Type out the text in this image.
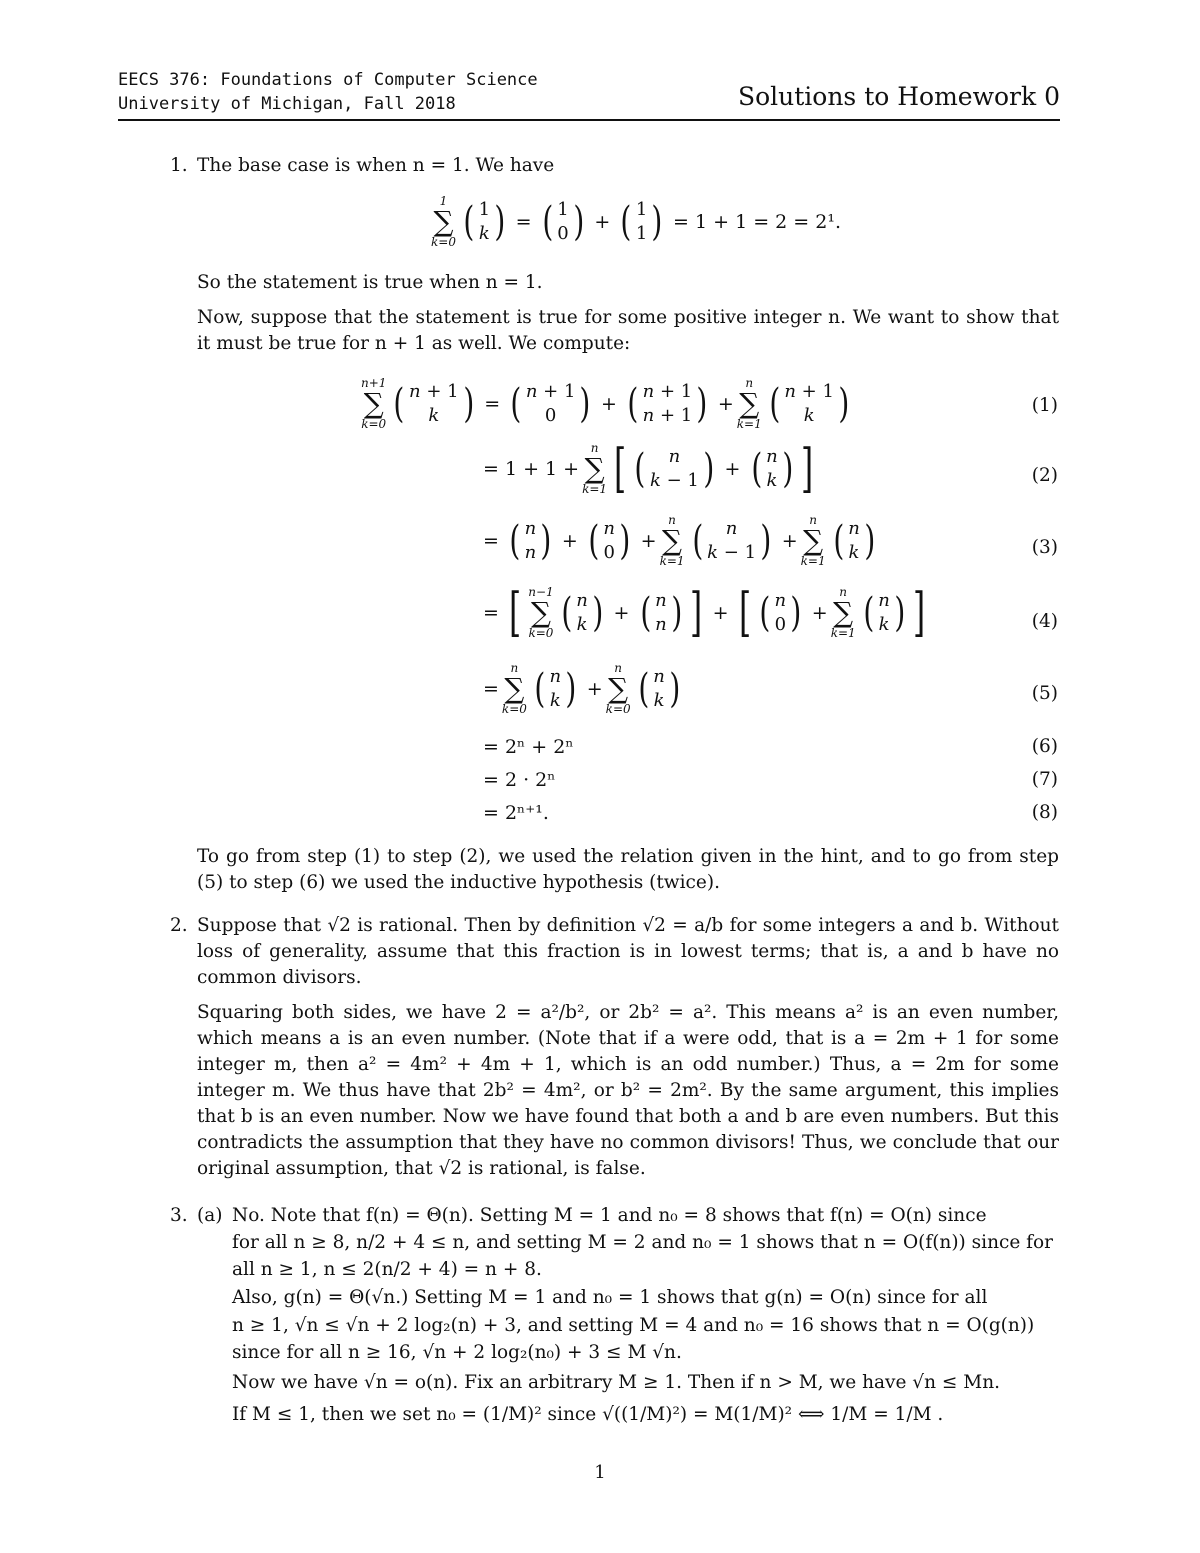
EECS 376: Foundations of Computer Science
University of Michigan, Fall 2018	Solutions to Homework 0
1. The base case is when n = 1. We have
1
∑
k=0 ( 1
k ) = ( 1
0 ) + ( 1
1 )
= 1 + 1 = 2 = 2¹.
So the statement is true when n = 1.
Now, suppose that the statement is true for some positive integer n. We want to show that it must be true for n + 1 as well. We compute:
n+1
∑
k=0 ( n + 1
k ) = ( n + 1
0 ) + ( n + 1
n + 1 ) +
n
∑
k=1 ( n + 1
k )	(1)
= 1 + 1 +
n
∑
k=1 [ ( n
k − 1 ) + ( n
k ) ]	(2)
= ( n
n ) + ( n
0 ) +
n
∑
k=1 ( n
k − 1 ) +
n
∑
k=1 ( n
k )	(3)
= [ n−1
∑
k=0 ( n
k ) + ( n
n ) ] + [ ( n
0 ) +
n
∑
k=1 ( n
k ) ]	(4)
=
n
∑
k=0 ( n
k ) +
n
∑
k=0 ( n
k )	(5)
= 2ⁿ + 2ⁿ	(6)
= 2 · 2ⁿ	(7)
= 2ⁿ⁺¹.	(8)
To go from step (1) to step (2), we used the relation given in the hint, and to go from step (5) to step (6) we used the inductive hypothesis (twice).
2. Suppose that √2 is rational. Then by definition √2 = a/b for some integers a and b. Without loss of generality, assume that this fraction is in lowest terms; that is, a and b have no common divisors.
Squaring both sides, we have 2 = a²/b², or 2b² = a². This means a² is an even number, which means a is an even number. (Note that if a were odd, that is a = 2m + 1 for some integer m, then a² = 4m² + 4m + 1, which is an odd number.) Thus, a = 2m for some integer m. We thus have that 2b² = 4m², or b² = 2m². By the same argument, this implies that b is an even number. Now we have found that both a and b are even numbers. But this contradicts the assumption that they have no common divisors! Thus, we conclude that our original assumption, that √2 is rational, is false.
3. (a) No. Note that f(n) = Θ(n). Setting M = 1 and n₀ = 8 shows that f(n) = O(n) since
for all n ≥ 8, n/2 + 4 ≤ n, and setting M = 2 and n₀ = 1 shows that n = O(f(n)) since for
all n ≥ 1, n ≤ 2(n/2 + 4) = n + 8.
Also, g(n) = Θ(√n.) Setting M = 1 and n₀ = 1 shows that g(n) = O(n) since for all
n ≥ 1, √n ≤ √n + 2 log₂(n) + 3, and setting M = 4 and n₀ = 16 shows that n = O(g(n))
since for all n ≥ 16, √n + 2 log₂(n₀) + 3 ≤ M √n.
Now we have √n = o(n). Fix an arbitrary M ≥ 1. Then if n > M, we have √n ≤ Mn.
If M ≤ 1, then we set n₀ = (1/M)² since √((1/M)²) = M(1/M)² ⟺ 1/M = 1/M .
1
